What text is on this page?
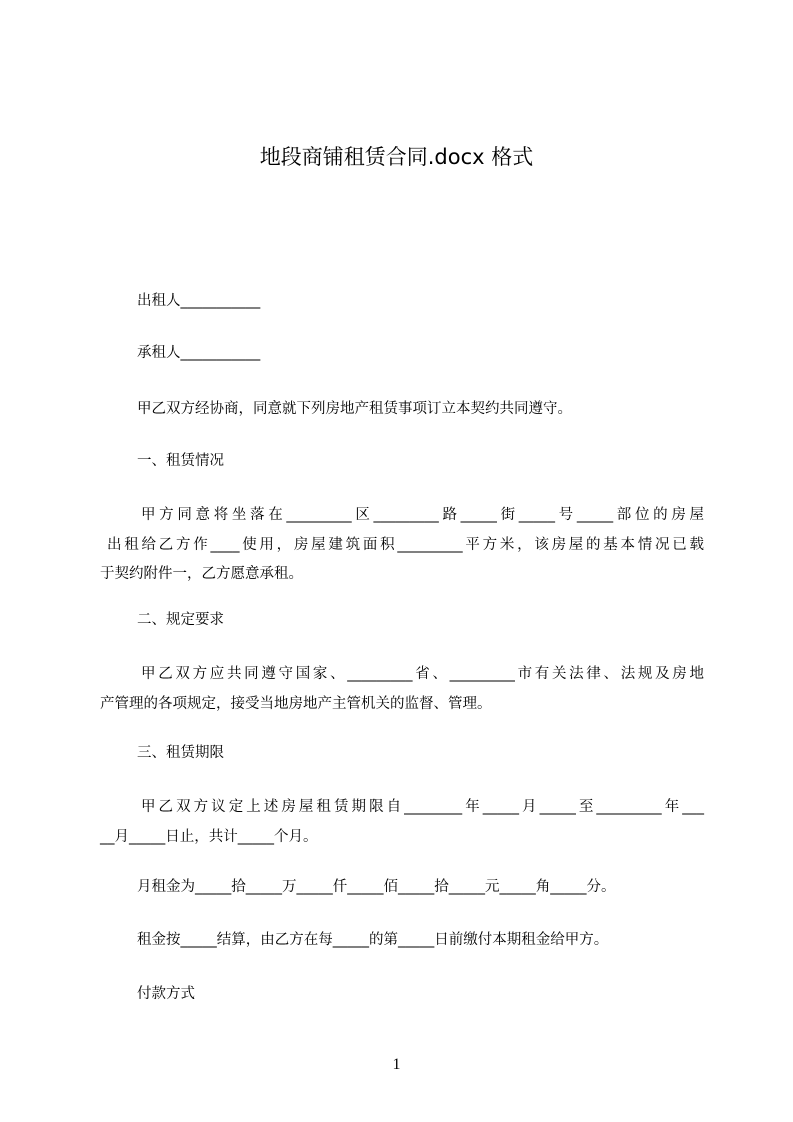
地段商铺租赁合同.docx 格式
出租人___________
承租人___________
甲乙双方经协商，同意就下列房地产租赁事项订立本契约共同遵守。
一、租赁情况
甲方同意将坐落在_________区_________路_____街_____号_____部位的房屋
出租给乙方作____使用，房屋建筑面积_________平方米，该房屋的基本情况已载
于契约附件一，乙方愿意承租。
二、规定要求
甲乙双方应共同遵守国家、_________省、_________市有关法律、法规及房地
产管理的各项规定，接受当地房地产主管机关的监督、管理。
三、租赁期限
甲乙双方议定上述房屋租赁期限自________年_____月_____至_________年___
__月_____日止，共计_____个月。
月租金为_____拾_____万_____仟_____佰_____拾_____元_____角_____分。
租金按_____结算，由乙方在每_____的第_____日前缴付本期租金给甲方。
付款方式
1
